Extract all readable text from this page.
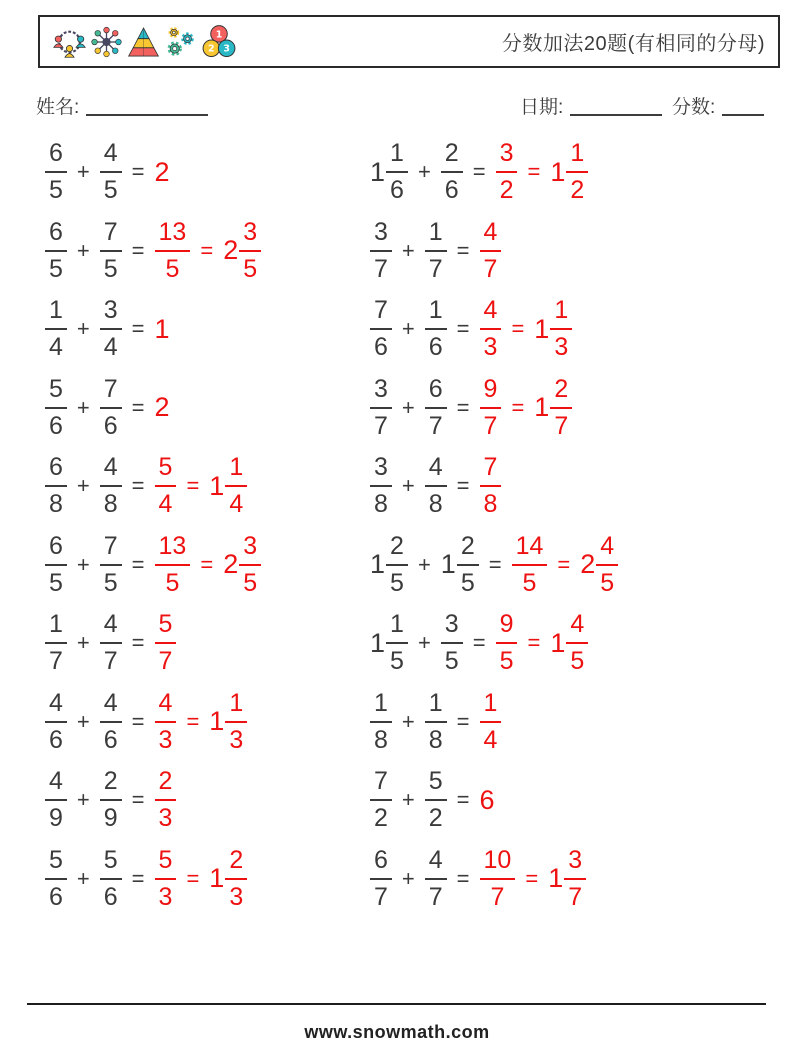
1
2 3	分数加法20题(有相同的分母)
姓名:	日期:	分数:
$\frac{6}{5} + \frac{4}{5} = 2$
$\frac{6}{5} + \frac{7}{5} = \frac{13}{5} = 2 \frac{3}{5}$
$\frac{1}{4} + \frac{3}{4} = 1$
$\frac{5}{6} + \frac{7}{6} = 2$
$\frac{6}{8} + \frac{4}{8} = \frac{5}{4} = 1 \frac{1}{4}$
$\frac{6}{5} + \frac{7}{5} = \frac{13}{5} = 2 \frac{3}{5}$
$\frac{1}{7} + \frac{4}{7} = \frac{5}{7}$
$\frac{4}{6} + \frac{4}{6} = \frac{4}{3} = 1 \frac{1}{3}$
$\frac{4}{9} + \frac{2}{9} = \frac{2}{3}$
$\frac{5}{6} + \frac{5}{6} = \frac{5}{3} = 1 \frac{2}{3}$
$1 \frac{1}{6} + \frac{2}{6} = \frac{3}{2} = 1 \frac{1}{2}$
$\frac{3}{7} + \frac{1}{7} = \frac{4}{7}$
$\frac{7}{6} + \frac{1}{6} = \frac{4}{3} = 1 \frac{1}{3}$
$\frac{3}{7} + \frac{6}{7} = \frac{9}{7} = 1 \frac{2}{7}$
$\frac{3}{8} + \frac{4}{8} = \frac{7}{8}$
$1 \frac{2}{5} + 1 \frac{2}{5} = \frac{14}{5} = 2 \frac{4}{5}$
$1 \frac{1}{5} + \frac{3}{5} = \frac{9}{5} = 1 \frac{4}{5}$
$\frac{1}{8} + \frac{1}{8} = \frac{1}{4}$
$\frac{7}{2} + \frac{5}{2} = 6$
$\frac{6}{7} + \frac{4}{7} = \frac{10}{7} = 1 \frac{3}{7}$
www.snowmath.com
